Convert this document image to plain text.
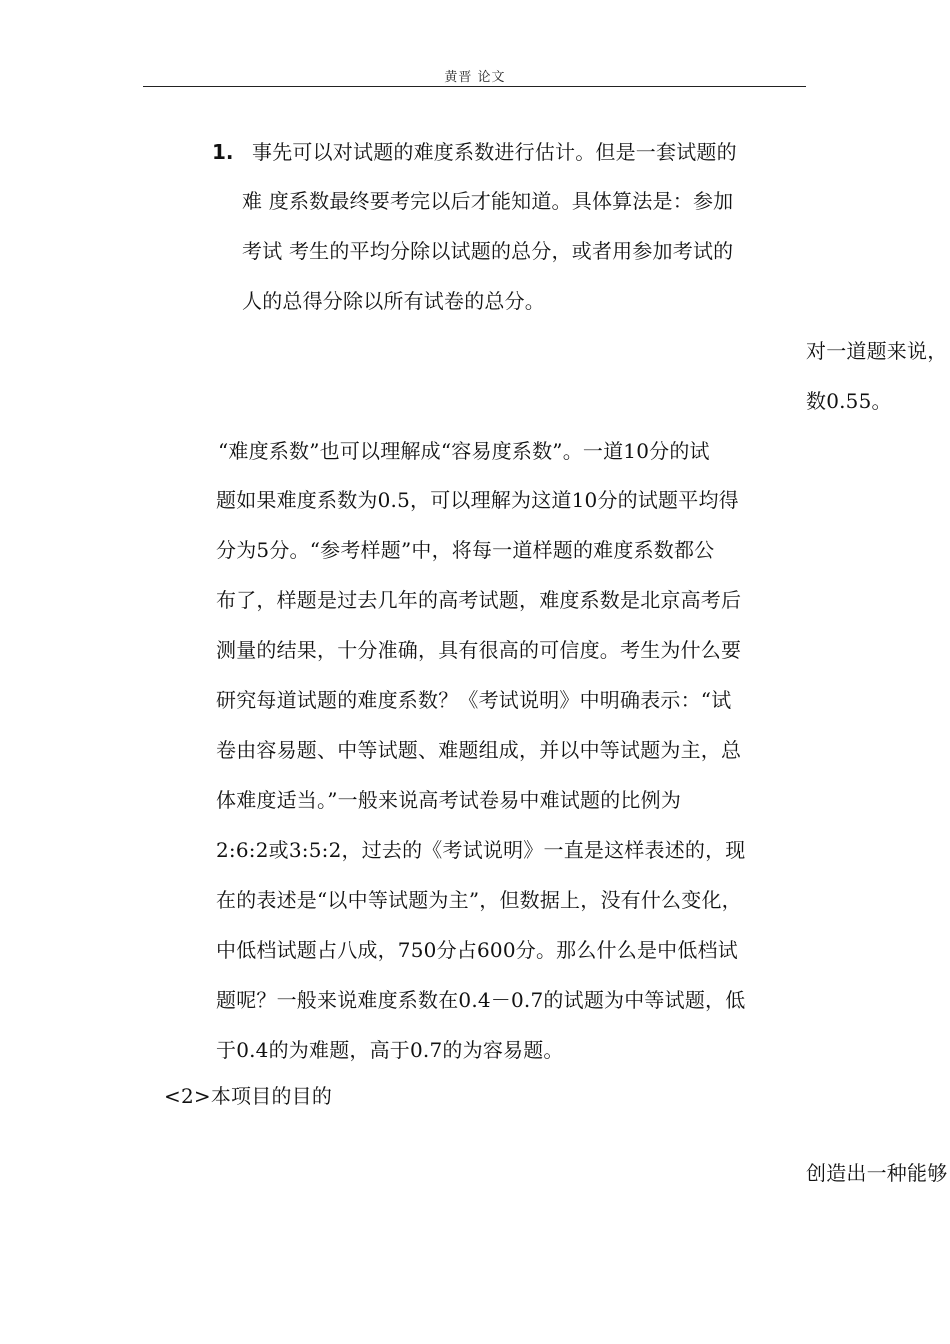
黄晋 论文
1. 事先可以对试题的难度系数进行估计。但是一套试题的
难 度系数最终要考完以后才能知道。具体算法是：参加
考试 考生的平均分除以试题的总分，或者用参加考试的
人的总得分除以所有试卷的总分。
对一道题来说，
数0.55。
“难度系数”也可以理解成“容易度系数”。一道10分的试
题如果难度系数为0.5，可以理解为这道10分的试题平均得
分为5分。“参考样题”中，将每一道样题的难度系数都公
布了，样题是过去几年的高考试题，难度系数是北京高考后
测量的结果，十分准确，具有很高的可信度。考生为什么要
研究每道试题的难度系数？《考试说明》中明确表示：“试
卷由容易题、中等试题、难题组成，并以中等试题为主，总
体难度适当。”一般来说高考试卷易中难试题的比例为
2:6:2或3:5:2，过去的《考试说明》一直是这样表述的，现
在的表述是“以中等试题为主”，但数据上，没有什么变化，
中低档试题占八成，750分占600分。那么什么是中低档试
题呢？一般来说难度系数在0.4－0.7的试题为中等试题，低
于0.4的为难题，高于0.7的为容易题。
<2>本项目的目的
创造出一种能够
